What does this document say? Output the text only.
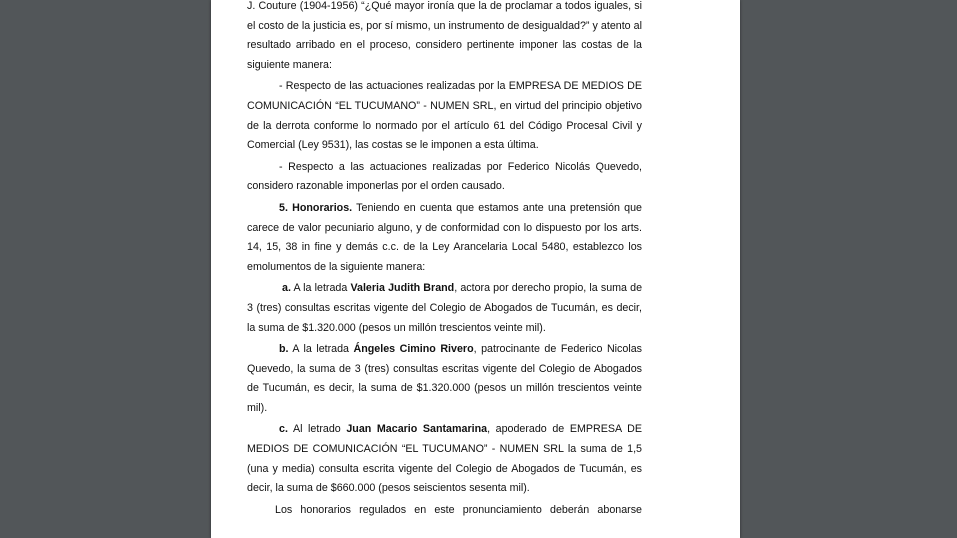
J. Couture (1904-1956) “¿Qué mayor ironía que la de proclamar a todos iguales, si el costo de la justicia es, por sí mismo, un instrumento de desigualdad?” y atento al resultado arribado en el proceso, considero pertinente imponer las costas de la siguiente manera:

- Respecto de las actuaciones realizadas por la EMPRESA DE MEDIOS DE COMUNICACIÓN “EL TUCUMANO” - NUMEN SRL, en virtud del principio objetivo de la derrota conforme lo normado por el artículo 61 del Código Procesal Civil y Comercial (Ley 9531), las costas se le imponen a esta última.

- Respecto a las actuaciones realizadas por Federico Nicolás Quevedo, considero razonable imponerlas por el orden causado.

5. Honorarios. Teniendo en cuenta que estamos ante una pretensión que carece de valor pecuniario alguno, y de conformidad con lo dispuesto por los arts. 14, 15, 38 in fine y demás c.c. de la Ley Arancelaria Local 5480, establezco los emolumentos de la siguiente manera:

a. A la letrada Valeria Judith Brand, actora por derecho propio, la suma de 3 (tres) consultas escritas vigente del Colegio de Abogados de Tucumán, es decir, la suma de $1.320.000 (pesos un millón trescientos veinte mil).

b. A la letrada Ángeles Cimino Rivero, patrocinante de Federico Nicolas Quevedo, la suma de 3 (tres) consultas escritas vigente del Colegio de Abogados de Tucumán, es decir, la suma de $1.320.000 (pesos un millón trescientos veinte mil).

c. Al letrado Juan Macario Santamarina, apoderado de EMPRESA DE MEDIOS DE COMUNICACIÓN “EL TUCUMANO” - NUMEN SRL la suma de 1,5 (una y media) consulta escrita vigente del Colegio de Abogados de Tucumán, es decir, la suma de $660.000 (pesos seiscientos sesenta mil).

Los honorarios regulados en este pronunciamiento deberán abonarse
